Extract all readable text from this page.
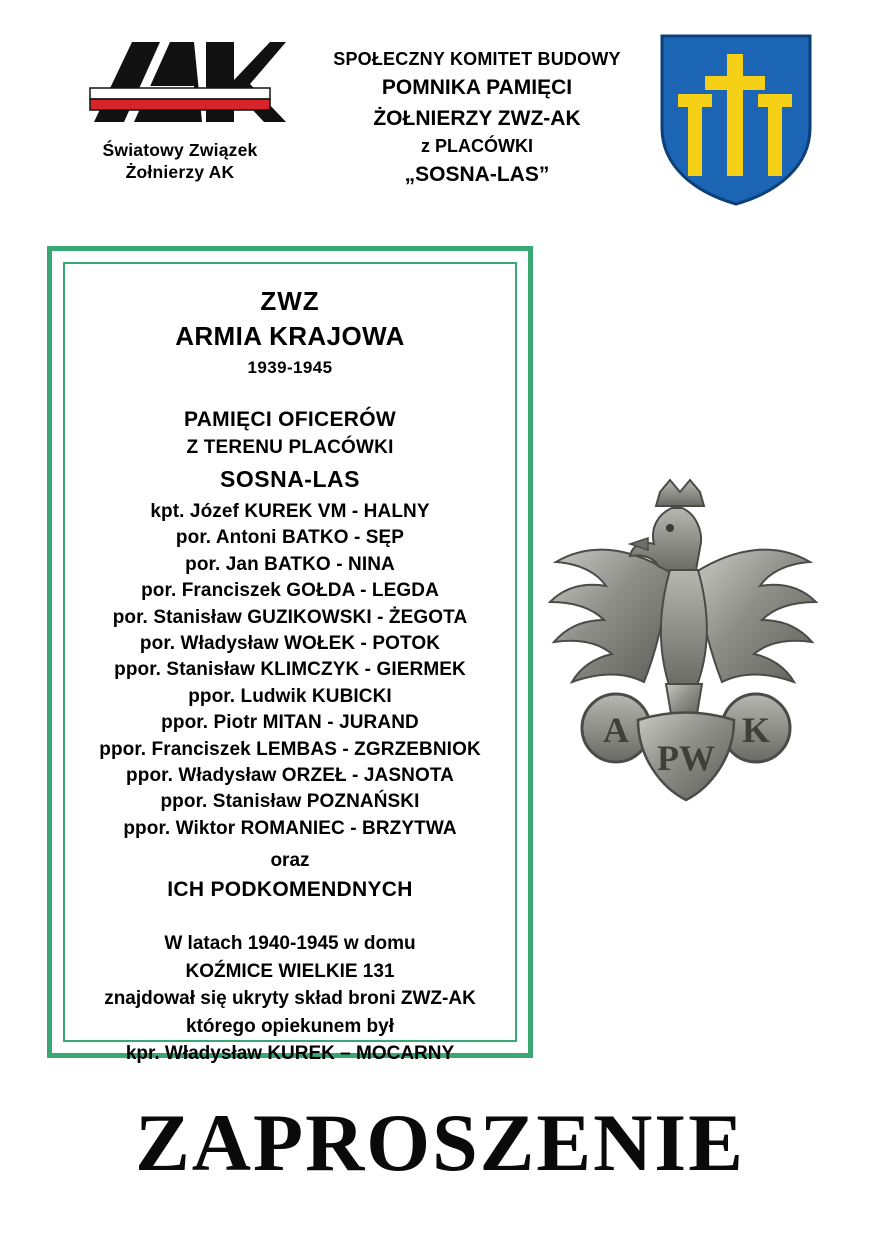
Światowy Związek
Żołnierzy AK
SPOŁECZNY KOMITET BUDOWY
POMNIKA PAMIĘCI
ŻOŁNIERZY ZWZ-AK
z PLACÓWKI
„SOSNA-LAS”
ZWZ
ARMIA KRAJOWA
1939-1945
PAMIĘCI OFICERÓW
Z TERENU PLACÓWKI
SOSNA-LAS
kpt. Józef KUREK VM - HALNY
por. Antoni BATKO - SĘP
por. Jan BATKO - NINA
por. Franciszek GOŁDA - LEGDA
por. Stanisław GUZIKOWSKI - ŻEGOTA
por. Władysław WOŁEK - POTOK
ppor. Stanisław KLIMCZYK - GIERMEK
ppor. Ludwik KUBICKI
ppor. Piotr MITAN - JURAND
ppor. Franciszek LEMBAS - ZGRZEBNIOK
ppor. Władysław ORZEŁ - JASNOTA
ppor. Stanisław POZNAŃSKI
ppor. Wiktor ROMANIEC - BRZYTWA
oraz
ICH PODKOMENDNYCH
W latach 1940-1945 w domu
KOŹMICE WIELKIE 131
znajdował się ukryty skład broni ZWZ-AK
którego opiekunem był
kpr. Władysław KUREK – MOCARNY
A	K
PW
ZAPROSZENIE
